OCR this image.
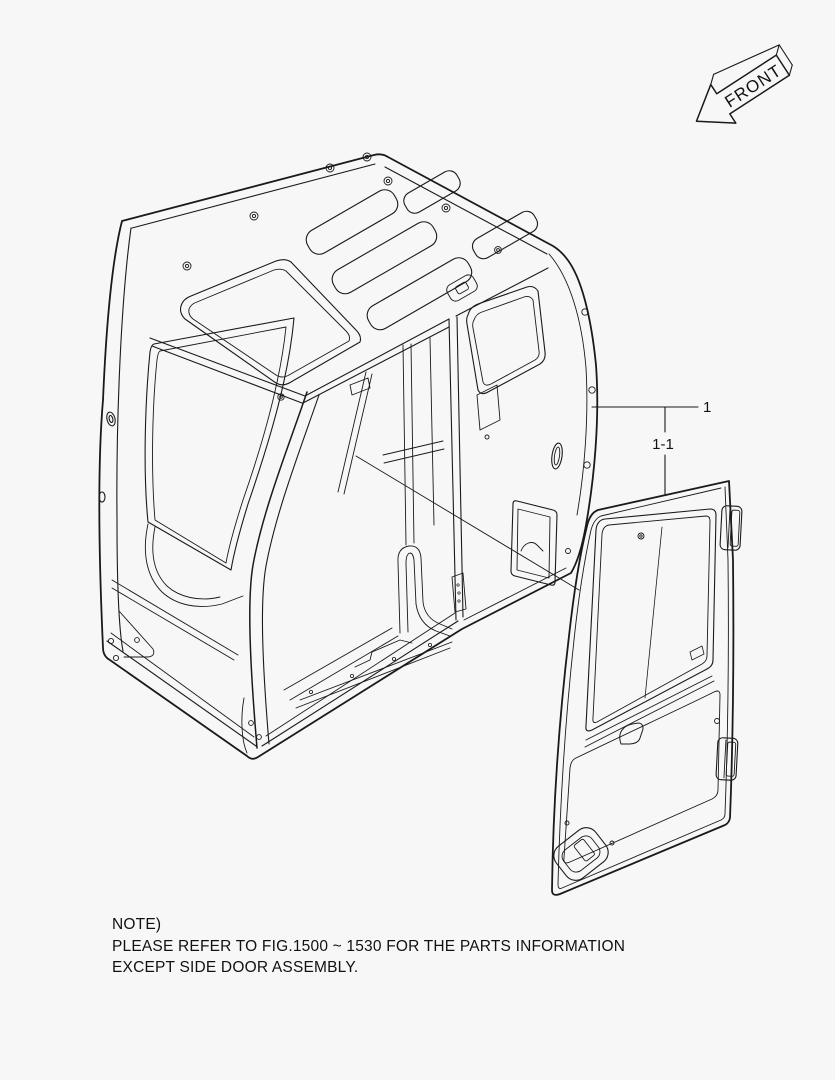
FRONT
1
1-1
NOTE)
PLEASE REFER TO FIG.1500 ~ 1530 FOR THE PARTS INFORMATION
EXCEPT SIDE DOOR ASSEMBLY.
